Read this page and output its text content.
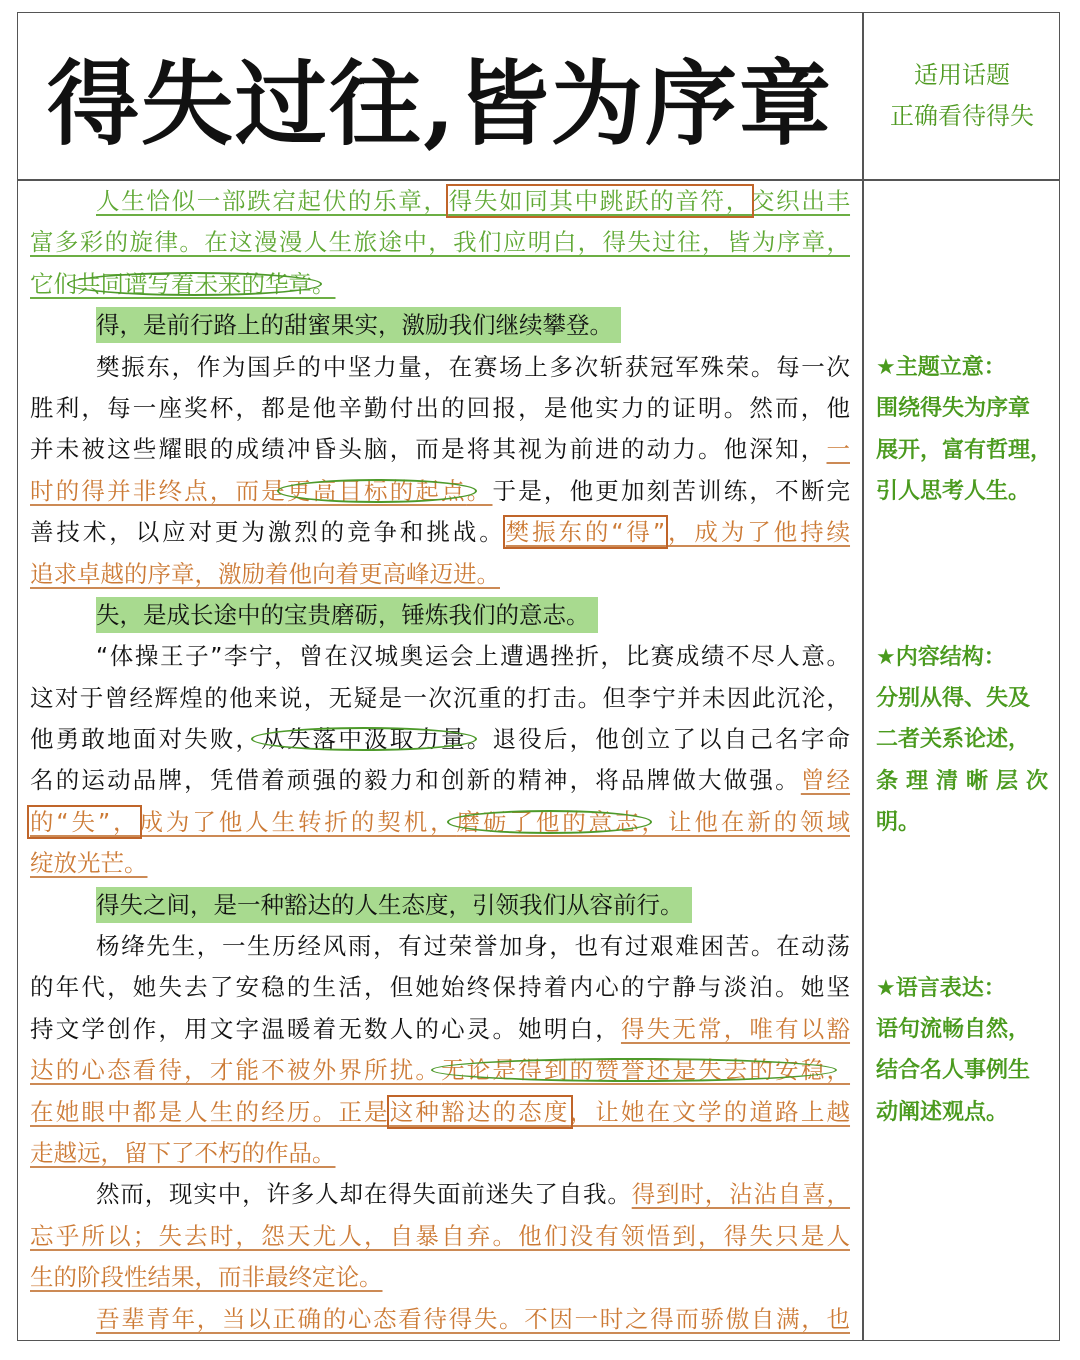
得失过往,皆为序章	适用话题
正确看待得失
人生恰似一部跌宕起伏的乐章，得失如同其中跳跃的音符，交织出丰
富多彩的旋律。在这漫漫人生旅途中，我们应明白，得失过往，皆为序章，
它们共同谱写着未来的华章。
得，是前行路上的甜蜜果实，激励我们继续攀登。
樊振东，作为国乒的中坚力量，在赛场上多次斩获冠军殊荣。每一次
胜利，每一座奖杯，都是他辛勤付出的回报，是他实力的证明。然而，他
并未被这些耀眼的成绩冲昏头脑，而是将其视为前进的动力。他深知，一
时的得并非终点，而是更高目标的起点。于是，他更加刻苦训练，不断完
善技术，以应对更为激烈的竞争和挑战。樊振东的“得”，成为了他持续
追求卓越的序章，激励着他向着更高峰迈进。
失，是成长途中的宝贵磨砺，锤炼我们的意志。
“体操王子”李宁，曾在汉城奥运会上遭遇挫折，比赛成绩不尽人意。
这对于曾经辉煌的他来说，无疑是一次沉重的打击。但李宁并未因此沉沦，
他勇敢地面对失败，从失落中汲取力量。退役后，他创立了以自己名字命
名的运动品牌，凭借着顽强的毅力和创新的精神，将品牌做大做强。曾经
的“失”，成为了他人生转折的契机，磨砺了他的意志，让他在新的领域
绽放光芒。
得失之间，是一种豁达的人生态度，引领我们从容前行。
杨绛先生，一生历经风雨，有过荣誉加身，也有过艰难困苦。在动荡
的年代，她失去了安稳的生活，但她始终保持着内心的宁静与淡泊。她坚
持文学创作，用文字温暖着无数人的心灵。她明白，得失无常，唯有以豁
达的心态看待，才能不被外界所扰。无论是得到的赞誉还是失去的安稳，
在她眼中都是人生的经历。正是这种豁达的态度，让她在文学的道路上越
走越远，留下了不朽的作品。
然而，现实中，许多人却在得失面前迷失了自我。得到时，沾沾自喜，
忘乎所以；失去时，怨天尤人，自暴自弃。他们没有领悟到，得失只是人
生的阶段性结果，而非最终定论。
吾辈青年，当以正确的心态看待得失。不因一时之得而骄傲自满，也
★主题立意：
围绕得失为序章
展开，富有哲理，
引人思考人生。
★内容结构：
分别从得、失及
二者关系论述，
条理清晰层次
明。
★语言表达：
语句流畅自然，
结合名人事例生
动阐述观点。
